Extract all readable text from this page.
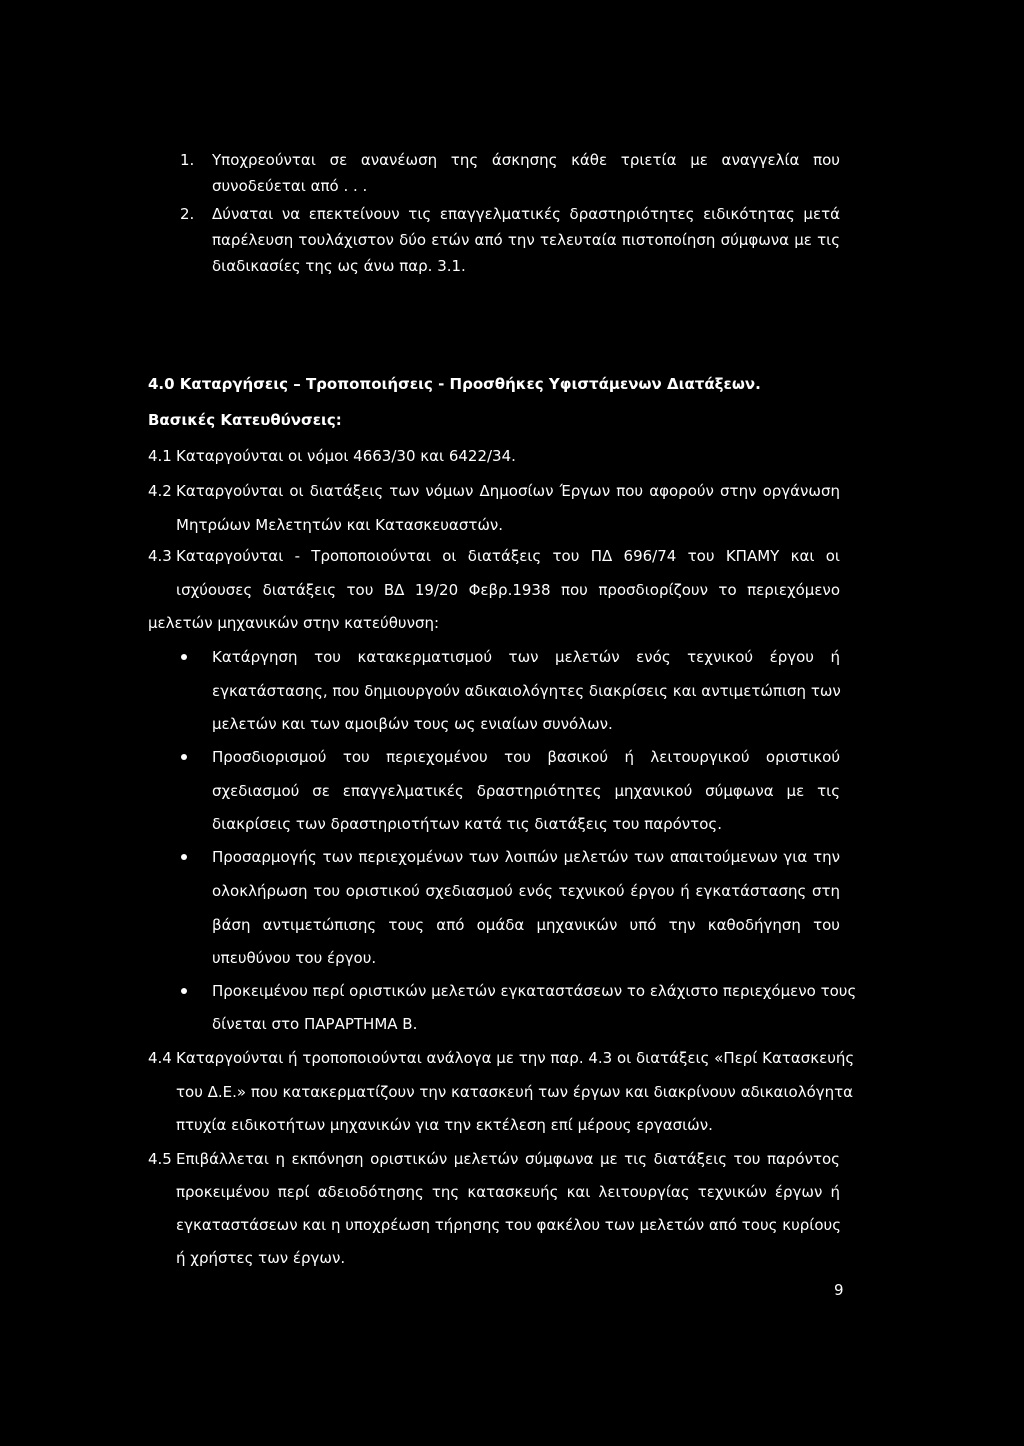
1. Υποχρεούνται σε ανανέωση της άσκησης κάθε τριετία με αναγγελία που
συνοδεύεται από . . .
2. Δύναται να επεκτείνουν τις επαγγελματικές δραστηριότητες ειδικότητας μετά
παρέλευση τουλάχιστον δύο ετών από την τελευταία πιστοποίηση σύμφωνα με τις
διαδικασίες της ως άνω παρ. 3.1.
4.0 Καταργήσεις – Τροποποιήσεις - Προσθήκες Υφιστάμενων Διατάξεων.
Βασικές Κατευθύνσεις:
4.1 Καταργούνται οι νόμοι 4663/30 και 6422/34.
4.2 Καταργούνται οι διατάξεις των νόμων Δημοσίων Έργων που αφορούν στην οργάνωση
Μητρώων Μελετητών και Κατασκευαστών.
4.3 Καταργούνται - Τροποποιούνται οι διατάξεις του ΠΔ 696/74 του ΚΠΑΜΥ και οι
ισχύουσες διατάξεις του ΒΔ 19/20 Φεβρ.1938 που προσδιορίζουν το περιεχόμενο
μελετών μηχανικών στην κατεύθυνση:
Κατάργηση του κατακερματισμού των μελετών ενός τεχνικού έργου ή
εγκατάστασης, που δημιουργούν αδικαιολόγητες διακρίσεις και αντιμετώπιση των
μελετών και των αμοιβών τους ως ενιαίων συνόλων.
Προσδιορισμού του περιεχομένου του βασικού ή λειτουργικού οριστικού
σχεδιασμού σε επαγγελματικές δραστηριότητες μηχανικού σύμφωνα με τις
διακρίσεις των δραστηριοτήτων κατά τις διατάξεις του παρόντος.
Προσαρμογής των περιεχομένων των λοιπών μελετών των απαιτούμενων για την
ολοκλήρωση του οριστικού σχεδιασμού ενός τεχνικού έργου ή εγκατάστασης στη
βάση αντιμετώπισης τους από ομάδα μηχανικών υπό την καθοδήγηση του
υπευθύνου του έργου.
Προκειμένου περί οριστικών μελετών εγκαταστάσεων το ελάχιστο περιεχόμενο τους
δίνεται στο ΠΑΡΑΡΤΗΜΑ Β.
4.4 Καταργούνται ή τροποποιούνται ανάλογα με την παρ. 4.3 οι διατάξεις «Περί Κατασκευής
του Δ.Ε.» που κατακερματίζουν την κατασκευή των έργων και διακρίνουν αδικαιολόγητα
πτυχία ειδικοτήτων μηχανικών για την εκτέλεση επί μέρους εργασιών.
4.5 Επιβάλλεται η εκπόνηση οριστικών μελετών σύμφωνα με τις διατάξεις του παρόντος
προκειμένου περί αδειοδότησης της κατασκευής και λειτουργίας τεχνικών έργων ή
εγκαταστάσεων και η υποχρέωση τήρησης του φακέλου των μελετών από τους κυρίους
ή χρήστες των έργων.
9
